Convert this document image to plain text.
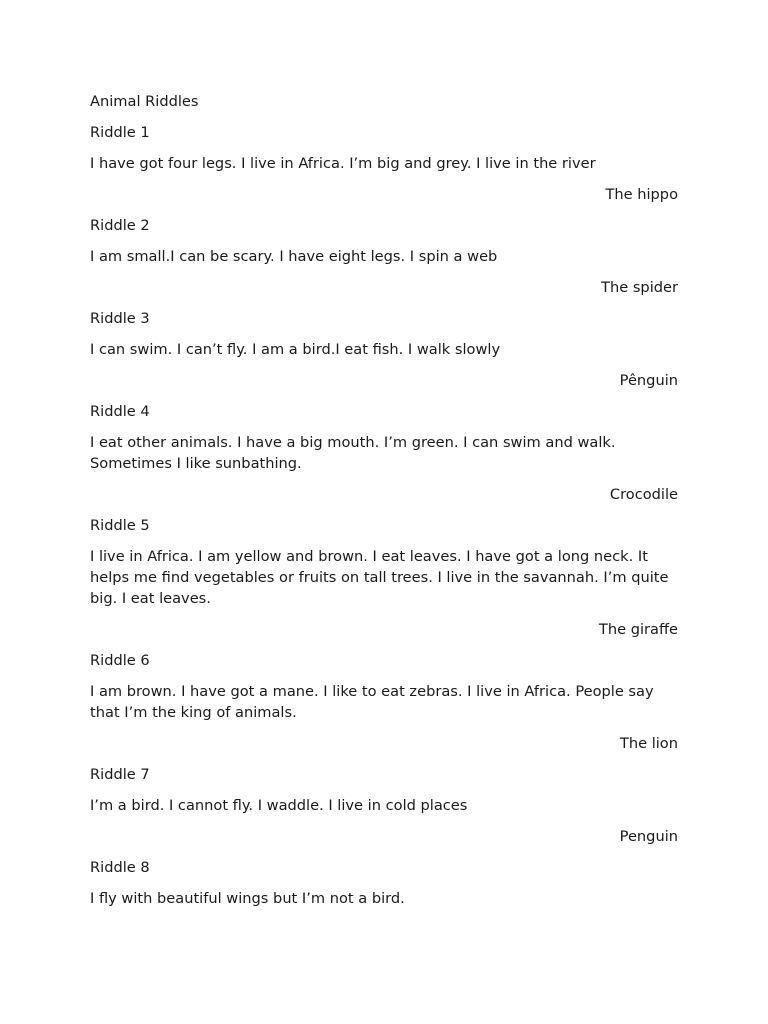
Animal Riddles
Riddle 1
I have got four legs. I live in Africa. I’m big and grey. I live in the river
The hippo
Riddle 2
I am small.I can be scary. I have eight legs. I spin a web
The spider
Riddle 3
I can swim. I can’t fly. I am a bird.I eat fish. I walk slowly
Pênguin
Riddle 4
I eat other animals. I have a big mouth. I’m green. I can swim and walk. Sometimes I like sunbathing.
Crocodile
Riddle 5
I live in Africa. I am yellow and brown. I eat leaves. I have got a long neck. It helps me find vegetables or fruits on tall trees. I live in the savannah. I’m quite big. I eat leaves.
The giraffe
Riddle 6
I am brown. I have got a mane. I like to eat zebras. I live in Africa. People say that I’m the king of animals.
The lion
Riddle 7
I’m a bird. I cannot fly. I waddle. I live in cold places
Penguin
Riddle 8
I fly with beautiful wings but I’m not a bird.
